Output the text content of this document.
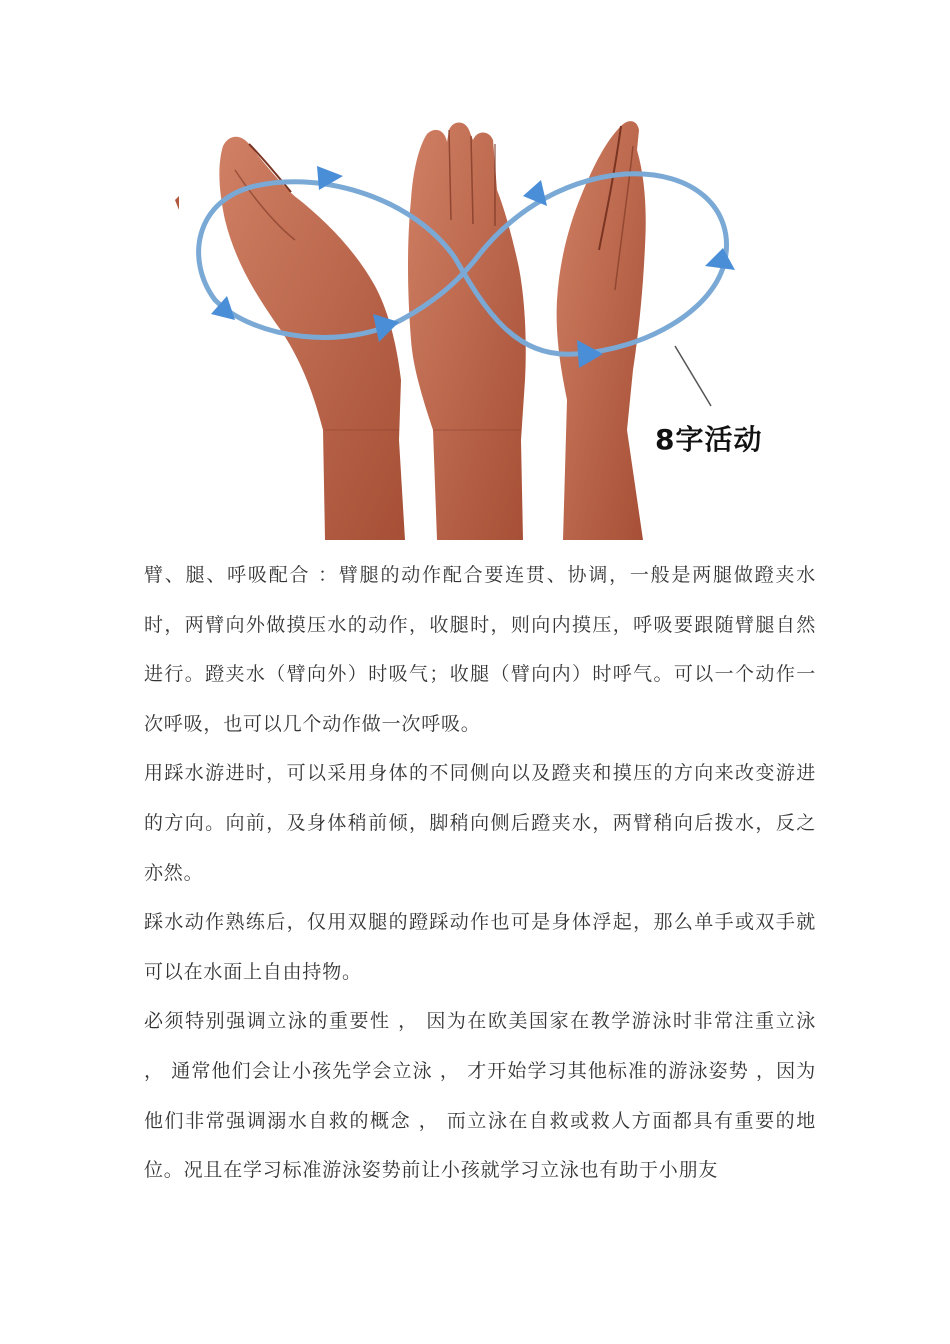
8字活动

臂、腿、呼吸配合 ：臂腿的动作配合要连贯、协调，一般是两腿做蹬夹水时，两臂向外做摸压水的动作，收腿时，则向内摸压，呼吸要跟随臂腿自然进行。蹬夹水（臂向外）时吸气；收腿（臂向内）时呼气。可以一个动作一次呼吸，也可以几个动作做一次呼吸。

用踩水游进时，可以采用身体的不同侧向以及蹬夹和摸压的方向来改变游进的方向。向前，及身体稍前倾，脚稍向侧后蹬夹水，两臂稍向后拨水，反之亦然。

踩水动作熟练后，仅用双腿的蹬踩动作也可是身体浮起，那么单手或双手就可以在水面上自由持物。

必须特别强调立泳的重要性 ， 因为在欧美国家在教学游泳时非常注重立泳 ， 通常他们会让小孩先学会立泳 ， 才开始学习其他标准的游泳姿势 ，因为他们非常强调溺水自救的概念 ， 而立泳在自救或救人方面都具有重要的地位。况且在学习标准游泳姿势前让小孩就学习立泳也有助于小朋友
